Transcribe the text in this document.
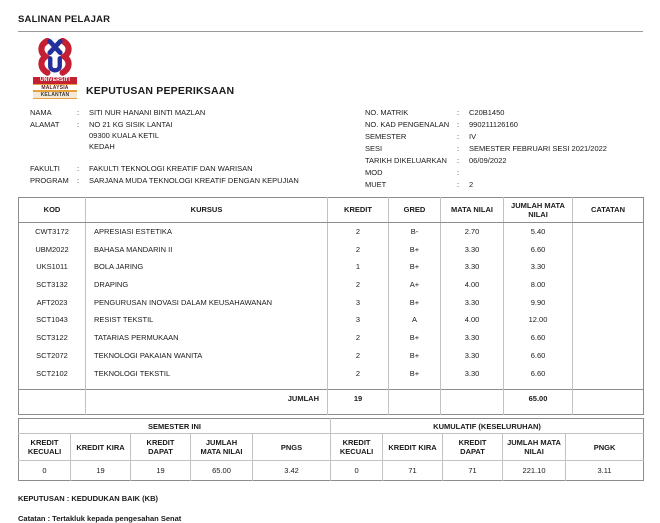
SALINAN PELAJAR
UNIVERSITI
MALAYSIA
KELANTAN	KEPUTUSAN PEPERIKSAAN
NAMA	:	SITI NUR HANANI BINTI MAZLAN
ALAMAT	:	NO 21 KG SISIK LANTAI
09300 KUALA KETIL
KEDAH
FAKULTI	:	FAKULTI TEKNOLOGI KREATIF DAN WARISAN
PROGRAM	:	SARJANA MUDA TEKNOLOGI KREATIF DENGAN KEPUJIAN
NO. MATRIK	:	C20B1450
NO. KAD PENGENALAN	:	990211126160
SEMESTER	:	IV
SESI	:	SEMESTER FEBRUARI SESI 2021/2022
TARIKH DIKELUARKAN	:	06/09/2022
MOD	:
MUET	:	2
KOD	KURSUS	KREDIT	GRED	MATA NILAI	JUMLAH MATA NILAI	CATATAN
CWT3172	APRESIASI ESTETIKA	2	B-	2.70	5.40	
UBM2022	BAHASA MANDARIN II	2	B+	3.30	6.60	
UKS1011	BOLA JARING	1	B+	3.30	3.30	
SCT3132	DRAPING	2	A+	4.00	8.00	
AFT2023	PENGURUSAN INOVASI DALAM KEUSAHAWANAN	3	B+	3.30	9.90	
SCT1043	RESIST TEKSTIL	3	A	4.00	12.00	
SCT3122	TATARIAS PERMUKAAN	2	B+	3.30	6.60	
SCT2072	TEKNOLOGI PAKAIAN WANITA	2	B+	3.30	6.60	
SCT2102	TEKNOLOGI TEKSTIL	2	B+	3.30	6.60	
	JUMLAH	19			65.00	
SEMESTER INI					KUMULATIF (KESELURUHAN)				
KREDIT KECUALI	KREDIT KIRA	KREDIT DAPAT	JUMLAH MATA NILAI	PNGS	KREDIT KECUALI	KREDIT KIRA	KREDIT DAPAT	JUMLAH MATA NILAI	PNGK
0	19	19	65.00	3.42	0	71	71	221.10	3.11
KEPUTUSAN : KEDUDUKAN BAIK (KB)
Catatan : Tertakluk kepada pengesahan Senat
